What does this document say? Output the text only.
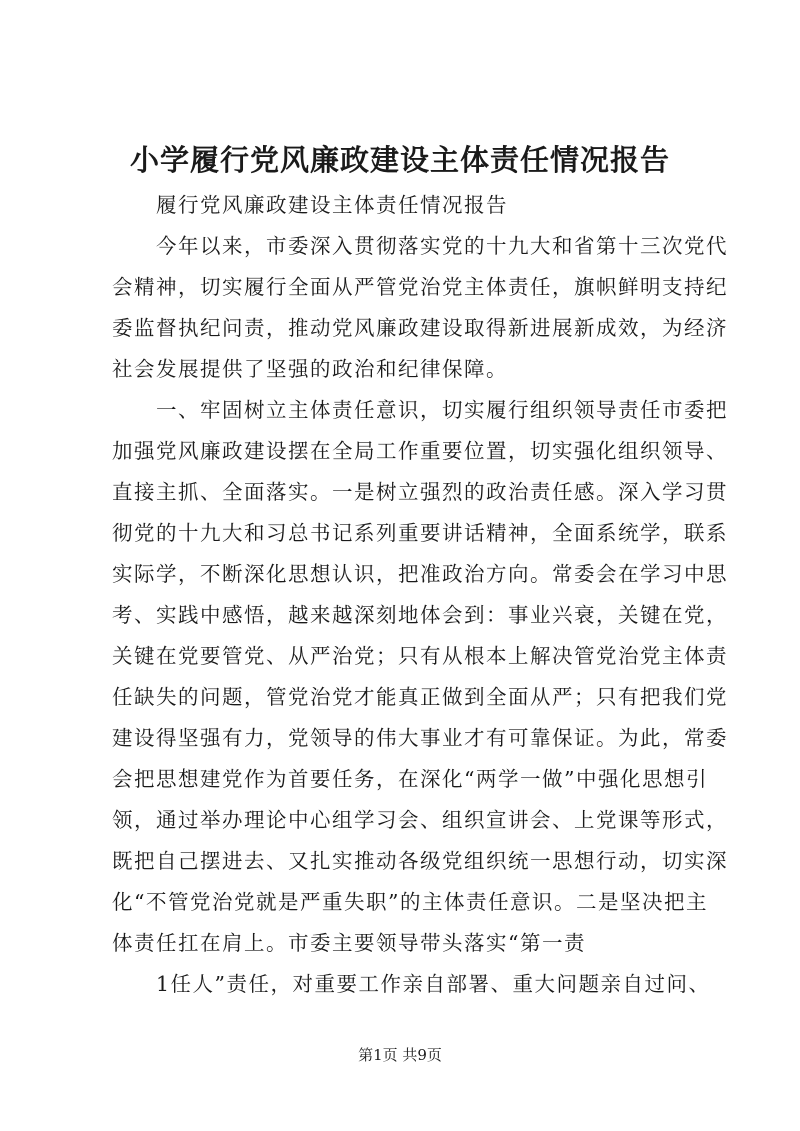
小学履行党风廉政建设主体责任情况报告
　　履行党风廉政建设主体责任情况报告
　　今年以来，市委深入贯彻落实党的十九大和省第十三次党代
会精神，切实履行全面从严管党治党主体责任，旗帜鲜明支持纪
委监督执纪问责，推动党风廉政建设取得新进展新成效，为经济
社会发展提供了坚强的政治和纪律保障。
　　一、牢固树立主体责任意识，切实履行组织领导责任市委把
加强党风廉政建设摆在全局工作重要位置，切实强化组织领导、
直接主抓、全面落实。一是树立强烈的政治责任感。深入学习贯
彻党的十九大和习总书记系列重要讲话精神，全面系统学，联系
实际学，不断深化思想认识，把准政治方向。常委会在学习中思
考、实践中感悟，越来越深刻地体会到：事业兴衰，关键在党，
关键在党要管党、从严治党；只有从根本上解决管党治党主体责
任缺失的问题，管党治党才能真正做到全面从严；只有把我们党
建设得坚强有力，党领导的伟大事业才有可靠保证。为此，常委
会把思想建党作为首要任务，在深化“两学一做”中强化思想引
领，通过举办理论中心组学习会、组织宣讲会、上党课等形式，
既把自己摆进去、又扎实推动各级党组织统一思想行动，切实深
化“不管党治党就是严重失职”的主体责任意识。二是坚决把主
体责任扛在肩上。市委主要领导带头落实“第一责
　　1任人”责任，对重要工作亲自部署、重大问题亲自过问、
第1页 共9页
